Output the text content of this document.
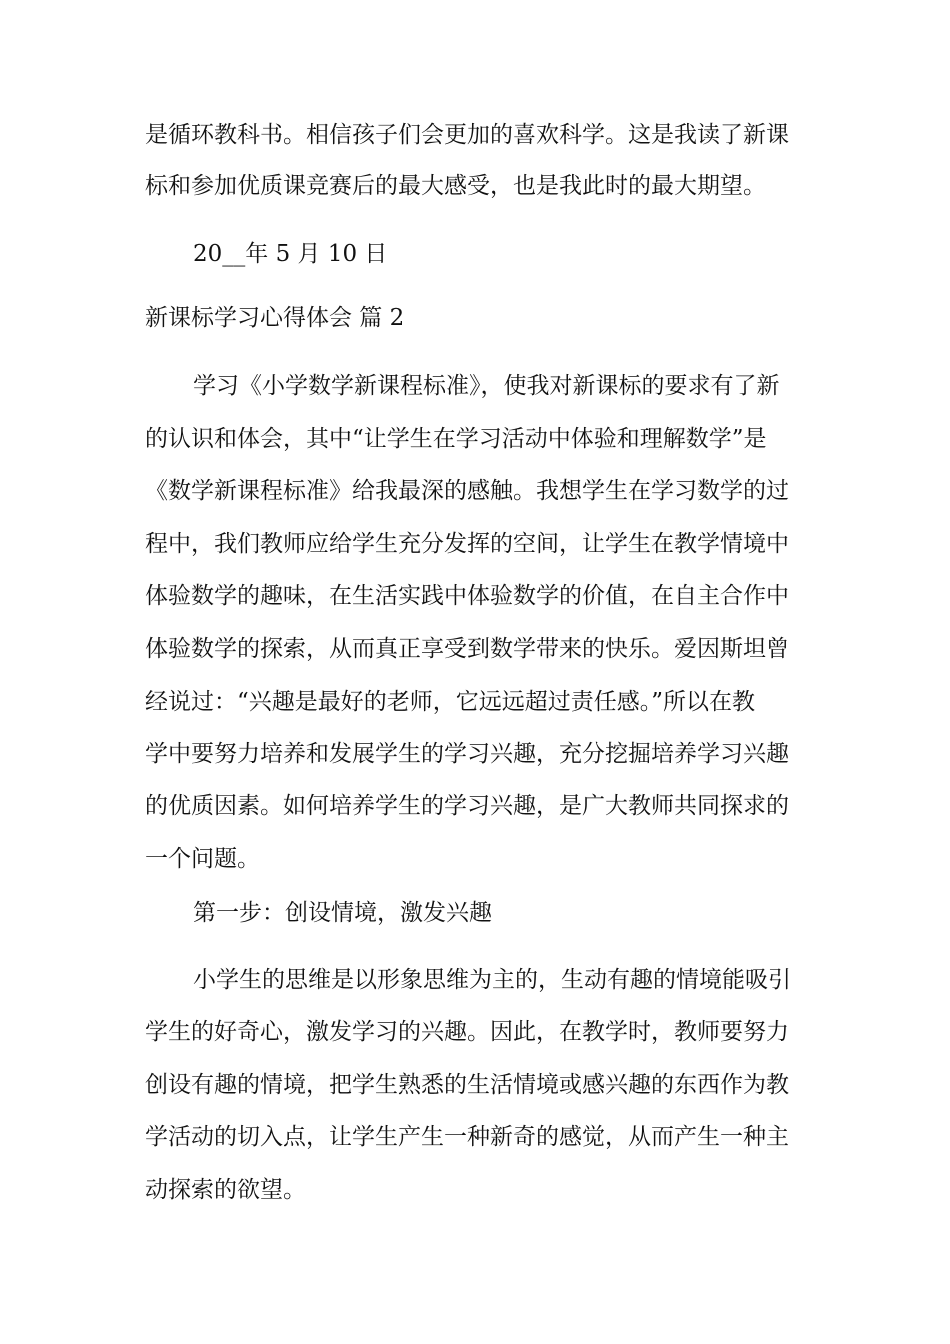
是循环教科书。相信孩子们会更加的喜欢科学。这是我读了新课
标和参加优质课竞赛后的最大感受，也是我此时的最大期望。
20__年 5 月 10 日
新课标学习心得体会 篇 2
学习《小学数学新课程标准》，使我对新课标的要求有了新
的认识和体会，其中“让学生在学习活动中体验和理解数学”是
《数学新课程标准》给我最深的感触。我想学生在学习数学的过
程中，我们教师应给学生充分发挥的空间，让学生在教学情境中
体验数学的趣味，在生活实践中体验数学的价值，在自主合作中
体验数学的探索，从而真正享受到数学带来的快乐。爱因斯坦曾
经说过：“兴趣是最好的老师，它远远超过责任感。”所以在教
学中要努力培养和发展学生的学习兴趣，充分挖掘培养学习兴趣
的优质因素。如何培养学生的学习兴趣，是广大教师共同探求的
一个问题。
第一步：创设情境，激发兴趣
小学生的思维是以形象思维为主的，生动有趣的情境能吸引
学生的好奇心，激发学习的兴趣。因此，在教学时，教师要努力
创设有趣的情境，把学生熟悉的生活情境或感兴趣的东西作为教
学活动的切入点，让学生产生一种新奇的感觉，从而产生一种主
动探索的欲望。
